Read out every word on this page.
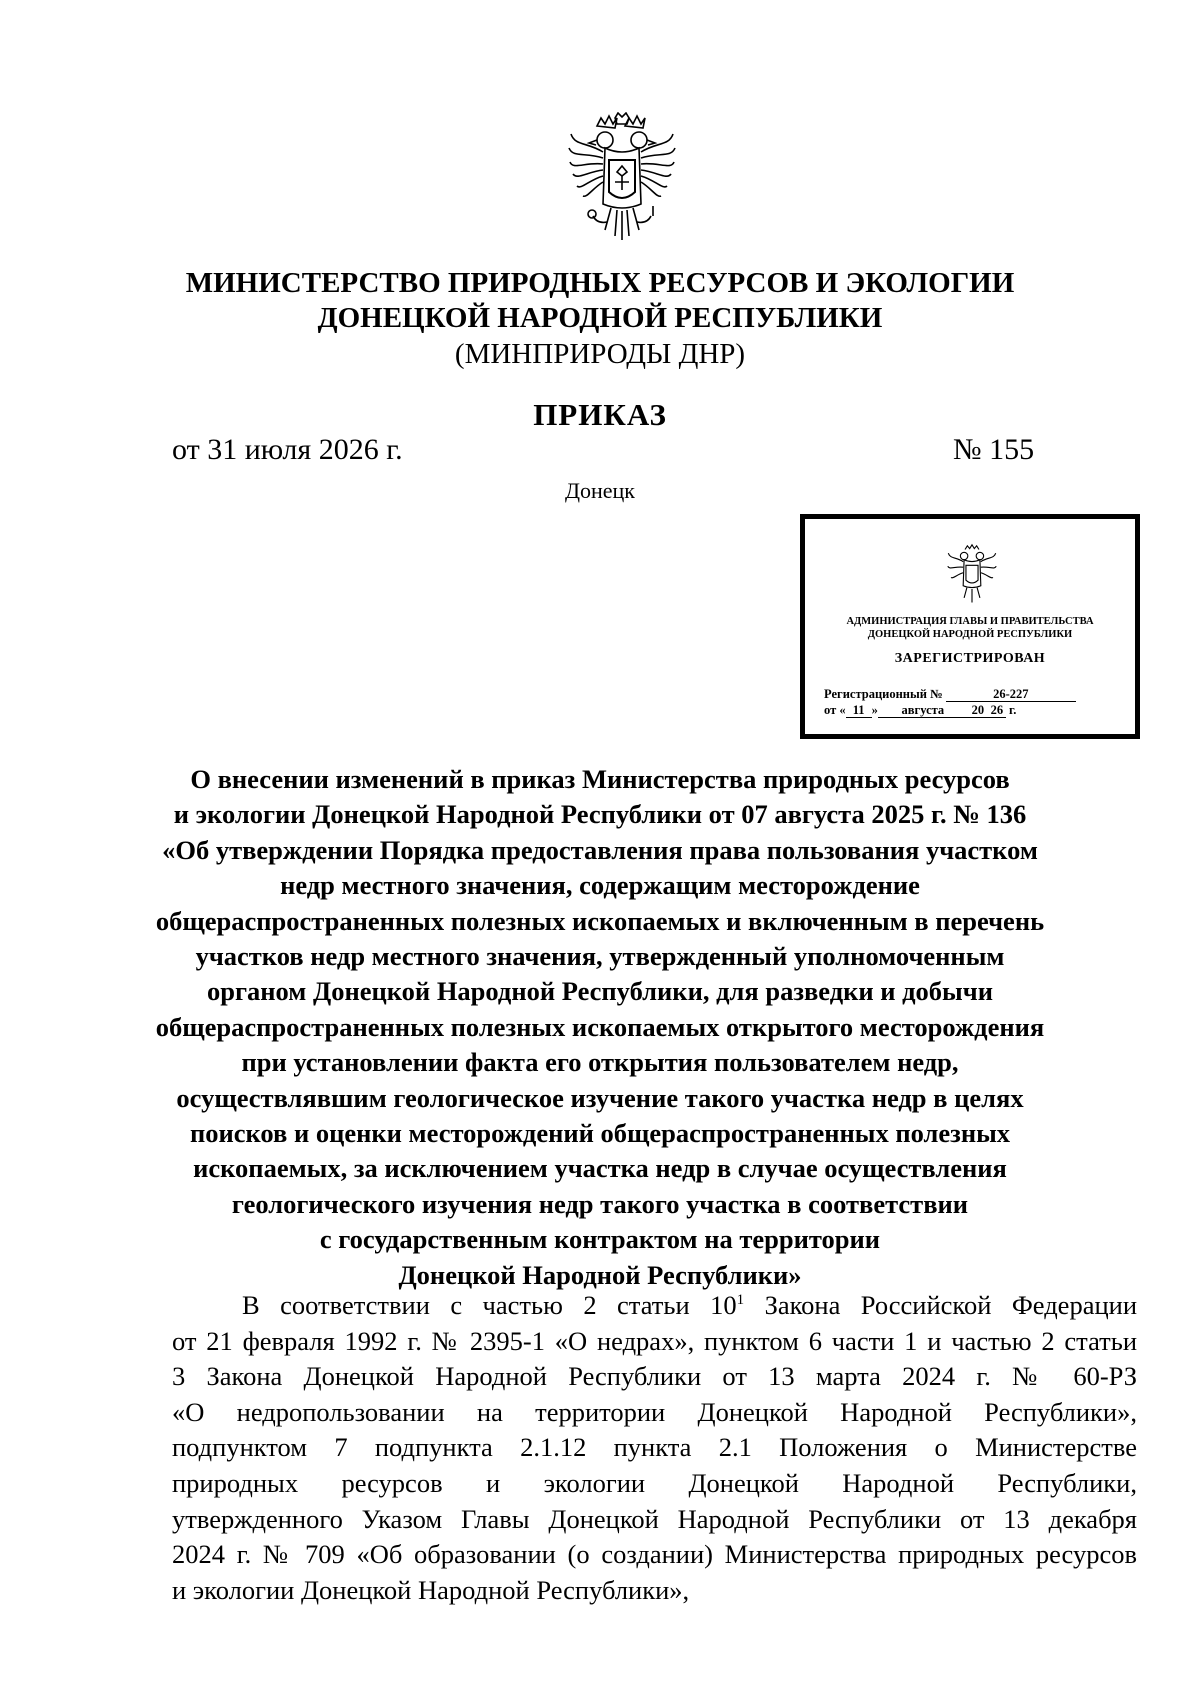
МИНИСТЕРСТВО ПРИРОДНЫХ РЕСУРСОВ И ЭКОЛОГИИ
ДОНЕЦКОЙ НАРОДНОЙ РЕСПУБЛИКИ
(МИНПРИРОДЫ ДНР)
ПРИКАЗ
от 31 июля 2026 г.	№ 155
Донецк
АДМИНИСТРАЦИЯ ГЛАВЫ И ПРАВИТЕЛЬСТВА
ДОНЕЦКОЙ НАРОДНОЙ РЕСПУБЛИКИ
ЗАРЕГИСТРИРОВАН
Регистрационный №	26-227
от « 11 » августа 20 26 г.
О внесении изменений в приказ Министерства природных ресурсов
и экологии Донецкой Народной Республики от 07 августа 2025 г. № 136
«Об утверждении Порядка предоставления права пользования участком
недр местного значения, содержащим месторождение
общераспространенных полезных ископаемых и включенным в перечень
участков недр местного значения, утвержденный уполномоченным
органом Донецкой Народной Республики, для разведки и добычи
общераспространенных полезных ископаемых открытого месторождения
при установлении факта его открытия пользователем недр,
осуществлявшим геологическое изучение такого участка недр в целях
поисков и оценки месторождений общераспространенных полезных
ископаемых, за исключением участка недр в случае осуществления
геологического изучения недр такого участка в соответствии
с государственным контрактом на территории
Донецкой Народной Республики»
В соответствии с частью 2 статьи $10^1$ Закона Российской Федерации
от 21 февраля 1992 г. № 2395-1 «О недрах», пунктом 6 части 1 и частью 2 статьи
3 Закона Донецкой Народной Республики от 13 марта 2024 г. № 60-РЗ
«О недропользовании на территории Донецкой Народной Республики»,
подпунктом 7 подпункта 2.1.12 пункта 2.1 Положения о Министерстве
природных ресурсов и экологии Донецкой Народной Республики,
утвержденного Указом Главы Донецкой Народной Республики от 13 декабря
2024 г. № 709 «Об образовании (о создании) Министерства природных ресурсов
и экологии Донецкой Народной Республики»,
